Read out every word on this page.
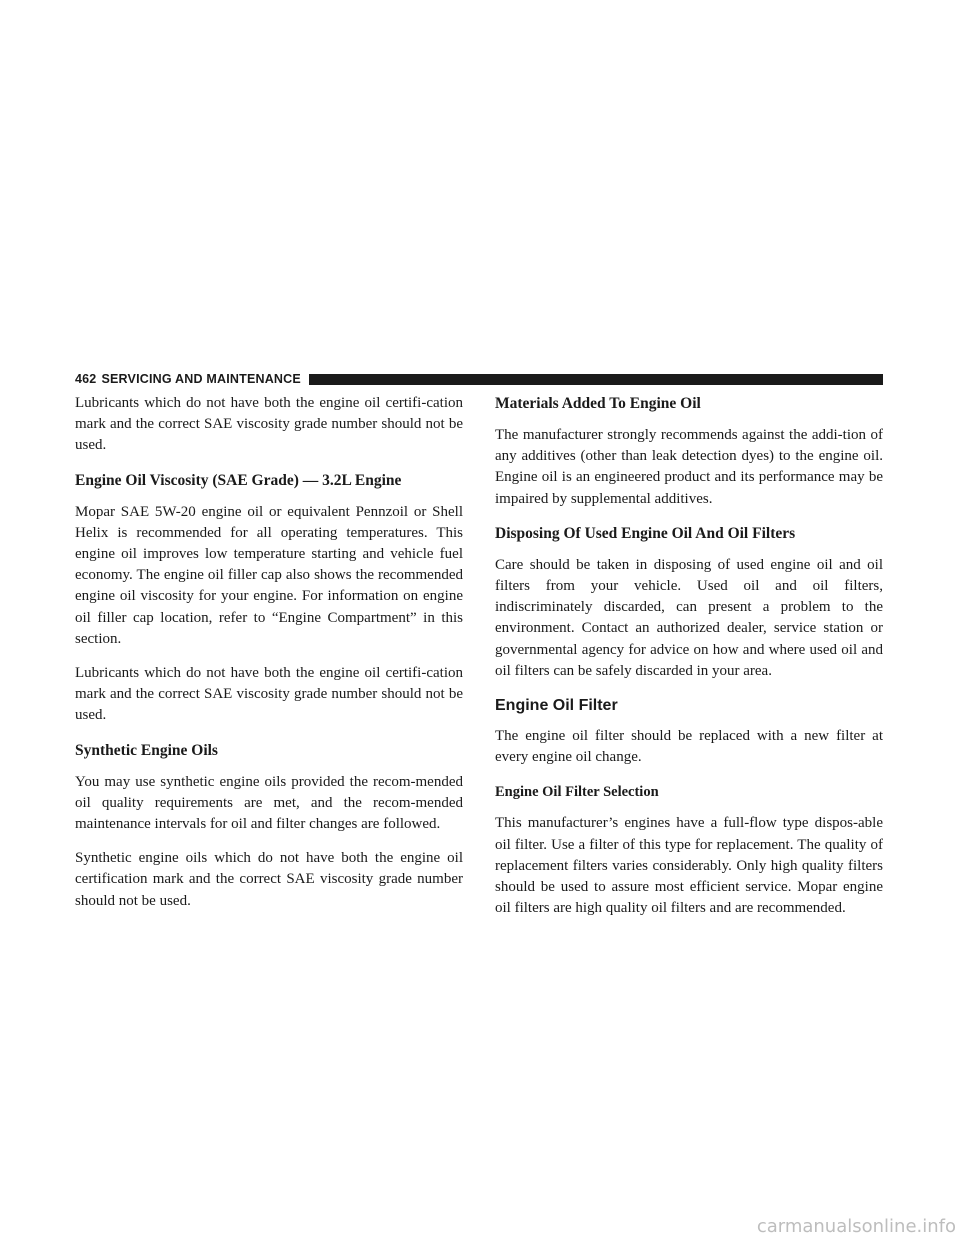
462 SERVICING AND MAINTENANCE

Lubricants which do not have both the engine oil certifi-cation mark and the correct SAE viscosity grade number should not be used.

Engine Oil Viscosity (SAE Grade) — 3.2L Engine

Mopar SAE 5W-20 engine oil or equivalent Pennzoil or Shell Helix is recommended for all operating temperatures. This engine oil improves low temperature starting and vehicle fuel economy. The engine oil filler cap also shows the recommended engine oil viscosity for your engine. For information on engine oil filler cap location, refer to “Engine Compartment” in this section.

Lubricants which do not have both the engine oil certifi-cation mark and the correct SAE viscosity grade number should not be used.

Synthetic Engine Oils

You may use synthetic engine oils provided the recom-mended oil quality requirements are met, and the recom-mended maintenance intervals for oil and filter changes are followed.

Synthetic engine oils which do not have both the engine oil certification mark and the correct SAE viscosity grade number should not be used.

Materials Added To Engine Oil

The manufacturer strongly recommends against the addi-tion of any additives (other than leak detection dyes) to the engine oil. Engine oil is an engineered product and its performance may be impaired by supplemental additives.

Disposing Of Used Engine Oil And Oil Filters

Care should be taken in disposing of used engine oil and oil filters from your vehicle. Used oil and oil filters, indiscriminately discarded, can present a problem to the environment. Contact an authorized dealer, service station or governmental agency for advice on how and where used oil and oil filters can be safely discarded in your area.

Engine Oil Filter

The engine oil filter should be replaced with a new filter at every engine oil change.

Engine Oil Filter Selection

This manufacturer’s engines have a full-flow type dispos-able oil filter. Use a filter of this type for replacement. The quality of replacement filters varies considerably. Only high quality filters should be used to assure most efficient service. Mopar engine oil filters are high quality oil filters and are recommended.

carmanualsonline.info
